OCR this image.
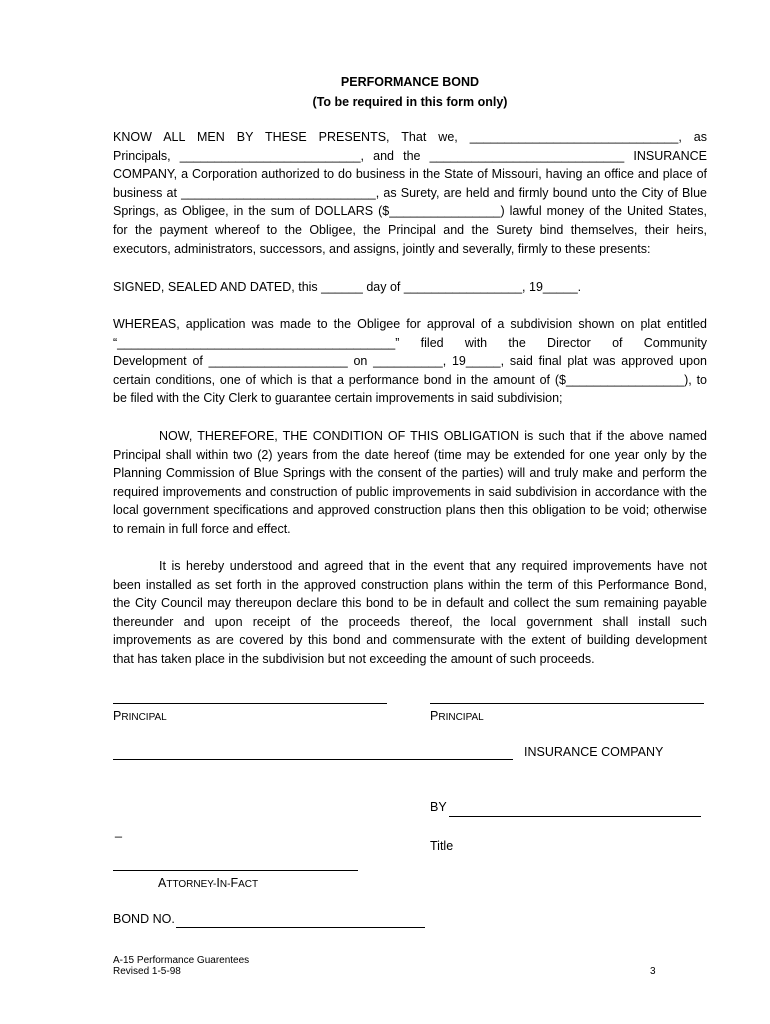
PERFORMANCE BOND
(To be required in this form only)
KNOW ALL MEN BY THESE PRESENTS, That we, ______________________________, as
Principals, __________________________, and the ____________________________ INSURANCE
COMPANY, a Corporation authorized to do business in the State of Missouri, having an office and place of
business at ____________________________, as Surety, are held and firmly bound unto the City of Blue
Springs, as Obligee, in the sum of DOLLARS ($________________) lawful money of the United States,
for the payment whereof to the Obligee, the Principal and the Surety bind themselves, their heirs,
executors, administrators, successors, and assigns, jointly and severally, firmly to these presents:
SIGNED, SEALED AND DATED, this ______ day of _________________, 19_____.
WHEREAS, application was made to the Obligee for approval of a subdivision shown on plat entitled
“________________________________________” filed with the Director of Community
Development of ____________________ on __________, 19_____, said final plat was approved upon
certain conditions, one of which is that a performance bond in the amount of ($_________________), to
be filed with the City Clerk to guarantee certain improvements in said subdivision;
NOW, THEREFORE, THE CONDITION OF THIS OBLIGATION is such that if the above named
Principal shall within two (2) years from the date hereof (time may be extended for one year only by the
Planning Commission of Blue Springs with the consent of the parties) will and truly make and perform the
required improvements and construction of public improvements in said subdivision in accordance with the
local government specifications and approved construction plans then this obligation to be void; otherwise
to remain in full force and effect.
It is hereby understood and agreed that in the event that any required improvements have not
been installed as set forth in the approved construction plans within the term of this Performance Bond,
the City Council may thereupon declare this bond to be in default and collect the sum remaining payable
thereunder and upon receipt of the proceeds thereof, the local government shall install such
improvements as are covered by this bond and commensurate with the extent of building development
that has taken place in the subdivision but not exceeding the amount of such proceeds.
PRINCIPAL	PRINCIPAL
INSURANCE COMPANY
BY
_
Title
ATTORNEY-IN-FACT
BOND NO.
A-15 Performance Guarentees
Revised 1-5-98	3
